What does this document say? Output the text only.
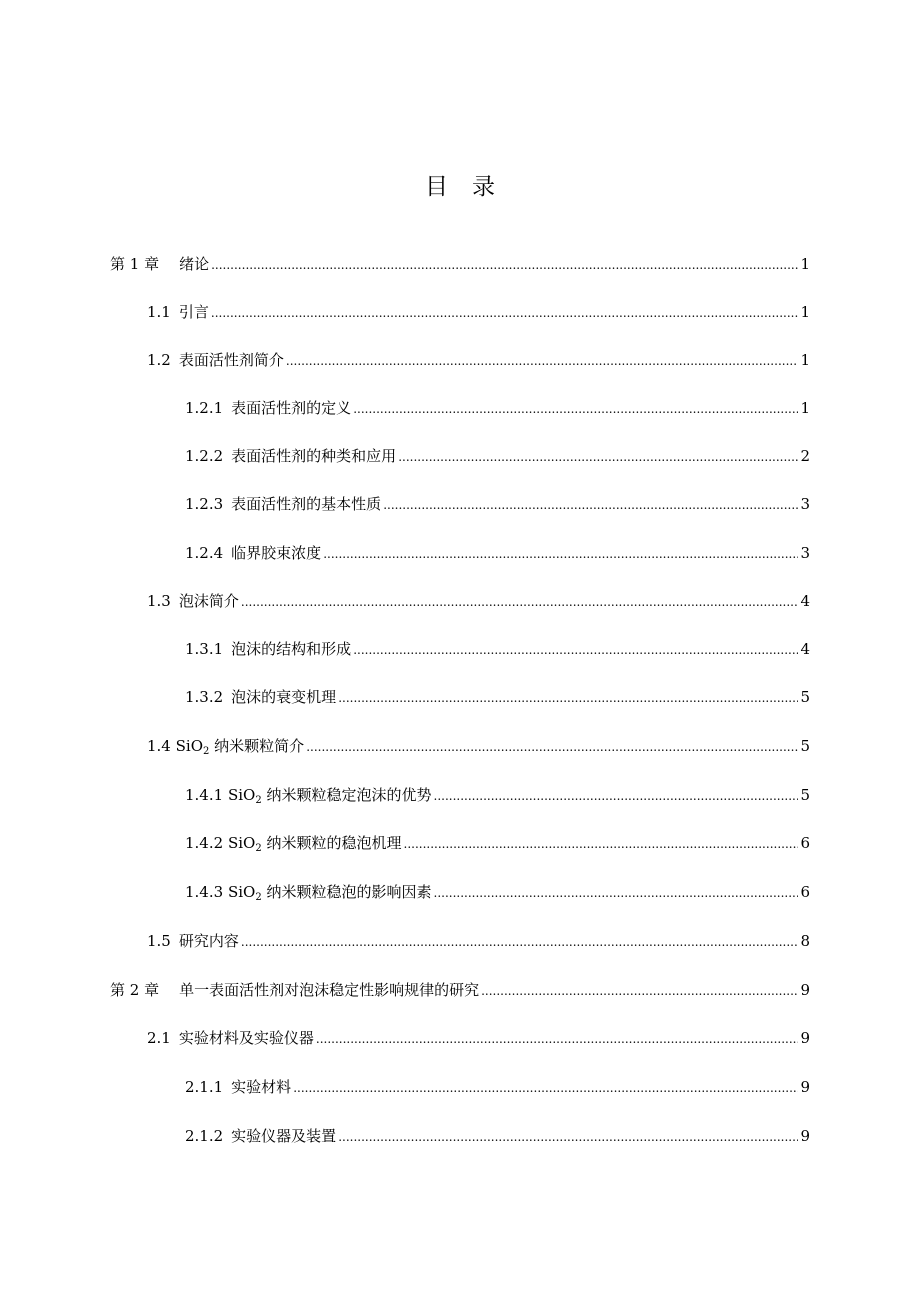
目 录
第 1 章 绪论 .....	1
1.1 引言 .....	1
1.2 表面活性剂简介 .....	1
1.2.1 表面活性剂的定义 .....	1
1.2.2 表面活性剂的种类和应用 .....	2
1.2.3 表面活性剂的基本性质 .....	3
1.2.4 临界胶束浓度 .....	3
1.3 泡沫简介 .....	4
1.3.1 泡沫的结构和形成 .....	4
1.3.2 泡沫的衰变机理 .....	5
1.4
SiO$_2$
纳米颗粒简介 .....	5
1.4.1
SiO$_2$
纳米颗粒稳定泡沫的优势 .....	5
1.4.2
SiO$_2$
纳米颗粒的稳泡机理 .....	6
1.4.3
SiO$_2$
纳米颗粒稳泡的影响因素 .....	6
1.5 研究内容 .....	8
第 2 章 单一表面活性剂对泡沫稳定性影响规律的研究 .....	9
2.1 实验材料及实验仪器 .....	9
2.1.1 实验材料 .....	9
2.1.2 实验仪器及装置 .....	9
